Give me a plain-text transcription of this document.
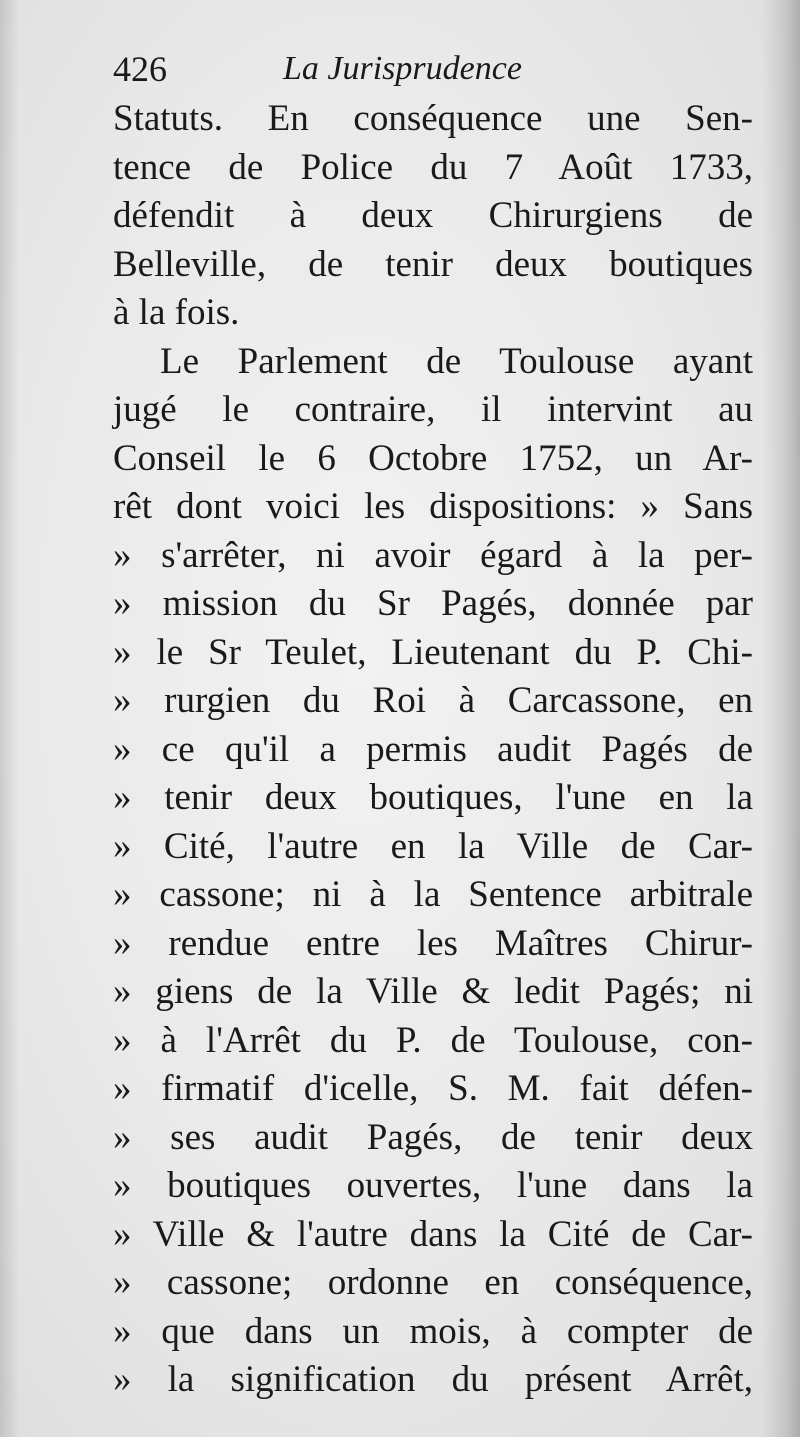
426	La Jurisprudence
Statuts. En conséquence une Sen-
tence de Police du 7 Août 1733,
défendit à deux Chirurgiens de
Belleville, de tenir deux boutiques
à la fois.
Le Parlement de Toulouse ayant
jugé le contraire, il intervint au
Conseil le 6 Octobre 1752, un Ar-
rêt dont voici les dispositions: » Sans
» s'arrêter, ni avoir égard à la per-
» mission du Sr Pagés, donnée par
» le Sr Teulet, Lieutenant du P. Chi-
» rurgien du Roi à Carcassone, en
» ce qu'il a permis audit Pagés de
» tenir deux boutiques, l'une en la
» Cité, l'autre en la Ville de Car-
» cassone; ni à la Sentence arbitrale
» rendue entre les Maîtres Chirur-
» giens de la Ville & ledit Pagés; ni
» à l'Arrêt du P. de Toulouse, con-
» firmatif d'icelle, S. M. fait défen-
» ses audit Pagés, de tenir deux
» boutiques ouvertes, l'une dans la
» Ville & l'autre dans la Cité de Car-
» cassone; ordonne en conséquence,
» que dans un mois, à compter de
» la signification du présent Arrêt,
